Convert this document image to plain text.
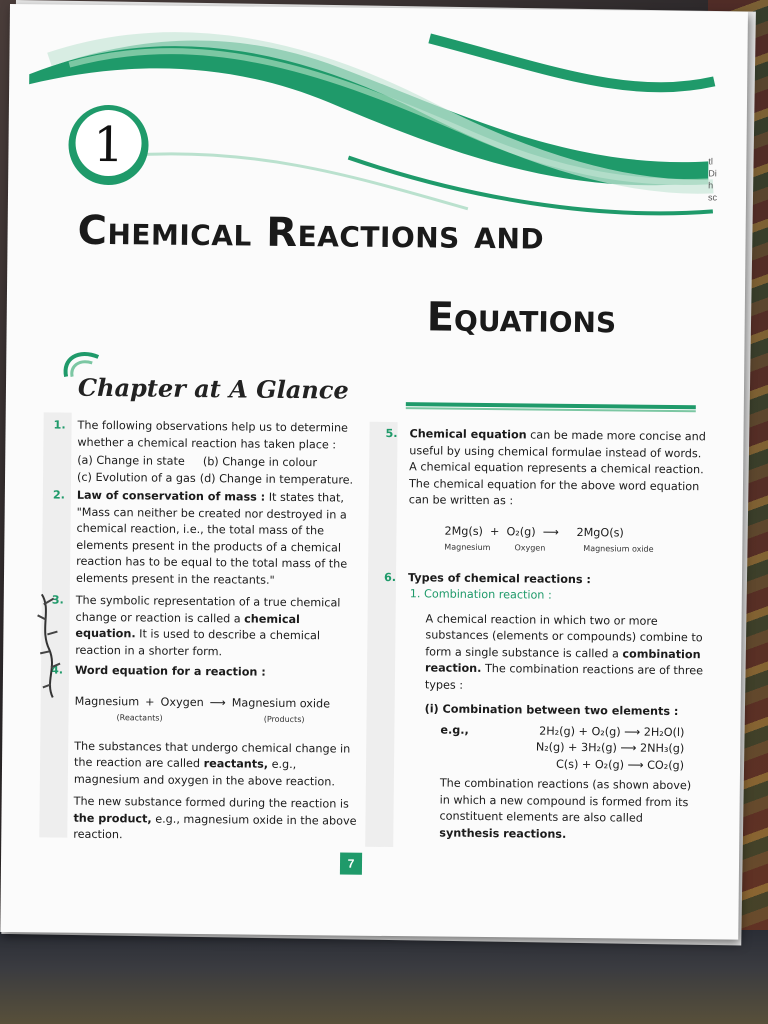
1	tl
Di
h
sc
Chemical Reactions and
Equations
Chapter at A Glance
1. The following observations help us to determine whether a chemical reaction has taken place :

(a) Change in state (b) Change in colour
(c) Evolution of a gas (d) Change in temperature.
2. Law of conservation of mass : It states that, "Mass can neither be created nor destroyed in a chemical reaction, i.e., the total mass of the elements present in the products of a chemical reaction has to be equal to the total mass of the elements present in the reactants."

3. The symbolic representation of a true chemical change or reaction is called a chemical equation. It is used to describe a chemical reaction in a shorter form.

4. Word equation for a reaction :

Magnesium + Oxygen ⟶ Magnesium oxide
(Reactants)	(Products)

The substances that undergo chemical change in the reaction are called reactants, e.g., magnesium and oxygen in the above reaction.

The new substance formed during the reaction is the product, e.g., magnesium oxide in the above reaction.

5. Chemical equation can be made more concise and useful by using chemical formulae instead of words. A chemical equation represents a chemical reaction. The chemical equation for the above word equation can be written as :

2Mg(s)  +  O₂(g)  ⟶     2MgO(s)
Magnesium	Oxygen	Magnesium oxide
6. Types of chemical reactions :

1. Combination reaction :

A chemical reaction in which two or more substances (elements or compounds) combine to form a single substance is called a combination reaction. The combination reactions are of three types :

(i) Combination between two elements :

e.g.,	2H₂(g) + O₂(g) ⟶ 2H₂O(l)
N₂(g) + 3H₂(g) ⟶ 2NH₃(g)
C(s) + O₂(g) ⟶ CO₂(g)

The combination reactions (as shown above) in which a new compound is formed from its constituent elements are also called synthesis reactions.

7
